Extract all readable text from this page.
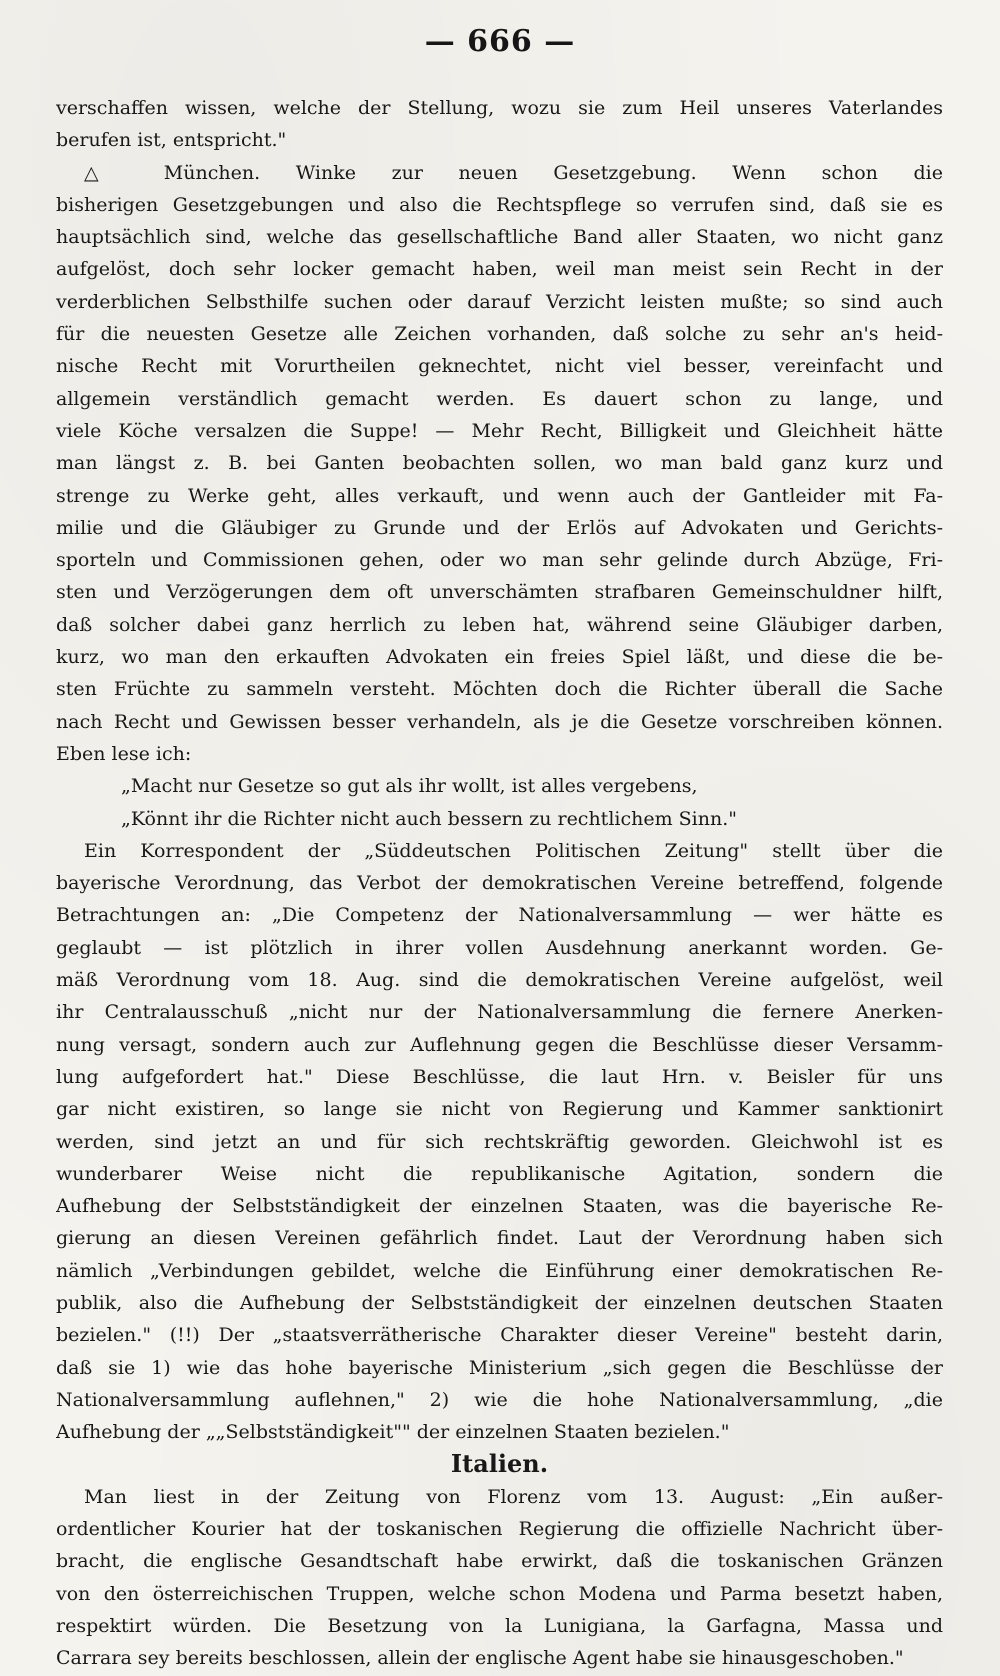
— 666 —
verschaffen wissen, welche der Stellung, wozu sie zum Heil unseres Vaterlandes
berufen ist, entspricht."
△ München. Winke zur neuen Gesetzgebung. Wenn schon die
bisherigen Gesetzgebungen und also die Rechtspflege so verrufen sind, daß sie es
hauptsächlich sind, welche das gesellschaftliche Band aller Staaten, wo nicht ganz
aufgelöst, doch sehr locker gemacht haben, weil man meist sein Recht in der
verderblichen Selbsthilfe suchen oder darauf Verzicht leisten mußte; so sind auch
für die neuesten Gesetze alle Zeichen vorhanden, daß solche zu sehr an's heid-
nische Recht mit Vorurtheilen geknechtet, nicht viel besser, vereinfacht und
allgemein verständlich gemacht werden. Es dauert schon zu lange, und
viele Köche versalzen die Suppe! — Mehr Recht, Billigkeit und Gleichheit hätte
man längst z. B. bei Ganten beobachten sollen, wo man bald ganz kurz und
strenge zu Werke geht, alles verkauft, und wenn auch der Gantleider mit Fa-
milie und die Gläubiger zu Grunde und der Erlös auf Advokaten und Gerichts-
sporteln und Commissionen gehen, oder wo man sehr gelinde durch Abzüge, Fri-
sten und Verzögerungen dem oft unverschämten strafbaren Gemeinschuldner hilft,
daß solcher dabei ganz herrlich zu leben hat, während seine Gläubiger darben,
kurz, wo man den erkauften Advokaten ein freies Spiel läßt, und diese die be-
sten Früchte zu sammeln versteht. Möchten doch die Richter überall die Sache
nach Recht und Gewissen besser verhandeln, als je die Gesetze vorschreiben können.
Eben lese ich:
„Macht nur Gesetze so gut als ihr wollt, ist alles vergebens,
„Könnt ihr die Richter nicht auch bessern zu rechtlichem Sinn."
Ein Korrespondent der „Süddeutschen Politischen Zeitung" stellt über die
bayerische Verordnung, das Verbot der demokratischen Vereine betreffend, folgende
Betrachtungen an: „Die Competenz der Nationalversammlung — wer hätte es
geglaubt — ist plötzlich in ihrer vollen Ausdehnung anerkannt worden. Ge-
mäß Verordnung vom 18. Aug. sind die demokratischen Vereine aufgelöst, weil
ihr Centralausschuß „nicht nur der Nationalversammlung die fernere Anerken-
nung versagt, sondern auch zur Auflehnung gegen die Beschlüsse dieser Versamm-
lung aufgefordert hat." Diese Beschlüsse, die laut Hrn. v. Beisler für uns
gar nicht existiren, so lange sie nicht von Regierung und Kammer sanktionirt
werden, sind jetzt an und für sich rechtskräftig geworden. Gleichwohl ist es
wunderbarer Weise nicht die republikanische Agitation, sondern die
Aufhebung der Selbstständigkeit der einzelnen Staaten, was die bayerische Re-
gierung an diesen Vereinen gefährlich findet. Laut der Verordnung haben sich
nämlich „Verbindungen gebildet, welche die Einführung einer demokratischen Re-
publik, also die Aufhebung der Selbstständigkeit der einzelnen deutschen Staaten
bezielen." (!!) Der „staatsverrätherische Charakter dieser Vereine" besteht darin,
daß sie 1) wie das hohe bayerische Ministerium „sich gegen die Beschlüsse der
Nationalversammlung auflehnen," 2) wie die hohe Nationalversammlung, „die
Aufhebung der „„Selbstständigkeit"" der einzelnen Staaten bezielen."
Italien.
Man liest in der Zeitung von Florenz vom 13. August: „Ein außer-
ordentlicher Kourier hat der toskanischen Regierung die offizielle Nachricht über-
bracht, die englische Gesandtschaft habe erwirkt, daß die toskanischen Gränzen
von den österreichischen Truppen, welche schon Modena und Parma besetzt haben,
respektirt würden. Die Besetzung von la Lunigiana, la Garfagna, Massa und
Carrara sey bereits beschlossen, allein der englische Agent habe sie hinausgeschoben."
